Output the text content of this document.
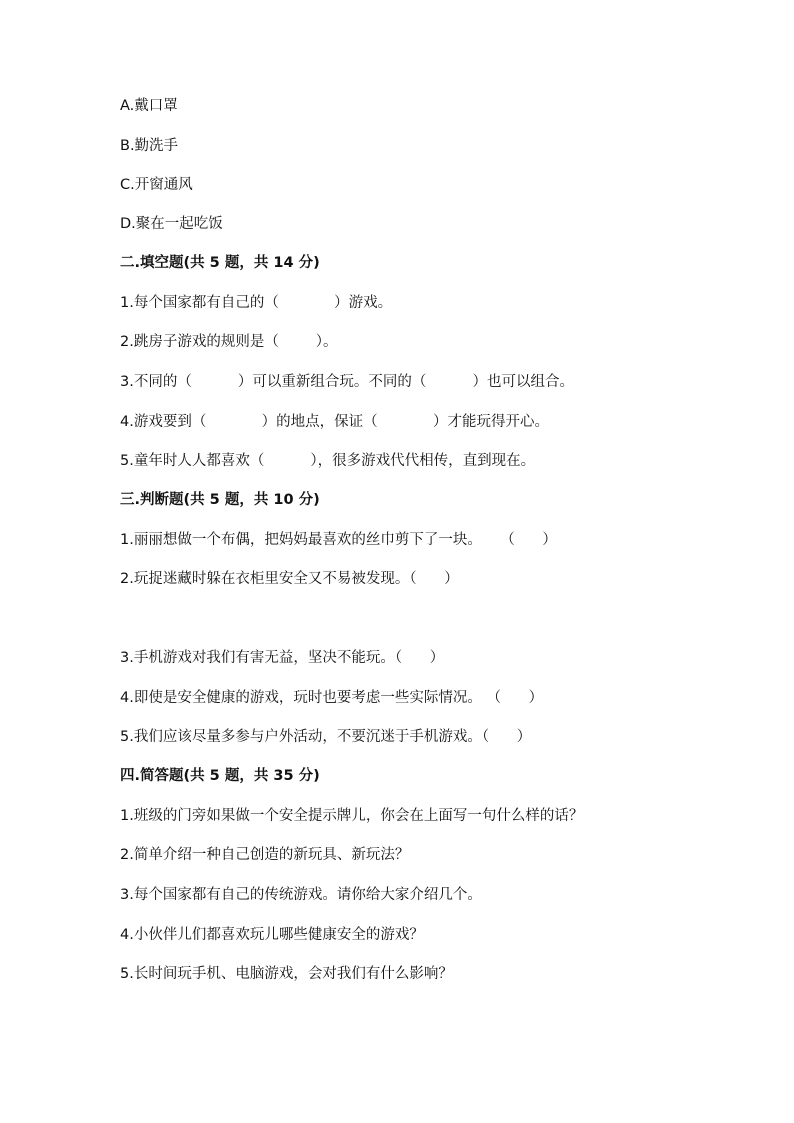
A.戴口罩
B.勤洗手
C.开窗通风
D.聚在一起吃饭
二.填空题(共 5 题，共 14 分)
1.每个国家都有自己的（            ）游戏。
2.跳房子游戏的规则是（        ）。
3.不同的（          ）可以重新组合玩。不同的（          ）也可以组合。
4.游戏要到（            ）的地点，保证（            ）才能玩得开心。
5.童年时人人都喜欢（          ），很多游戏代代相传，直到现在。
三.判断题(共 5 题，共 10 分)
1.丽丽想做一个布偶，把妈妈最喜欢的丝巾剪下了一块。    （      ）
2.玩捉迷藏时躲在衣柜里安全又不易被发现。（      ）
3.手机游戏对我们有害无益，坚决不能玩。（      ）
4.即使是安全健康的游戏，玩时也要考虑一些实际情况。 （      ）
5.我们应该尽量多参与户外活动，不要沉迷于手机游戏。（      ）
四.简答题(共 5 题，共 35 分)
1.班级的门旁如果做一个安全提示牌儿，你会在上面写一句什么样的话？
2.简单介绍一种自己创造的新玩具、新玩法？
3.每个国家都有自己的传统游戏。请你给大家介绍几个。
4.小伙伴儿们都喜欢玩儿哪些健康安全的游戏？
5.长时间玩手机、电脑游戏，会对我们有什么影响？
